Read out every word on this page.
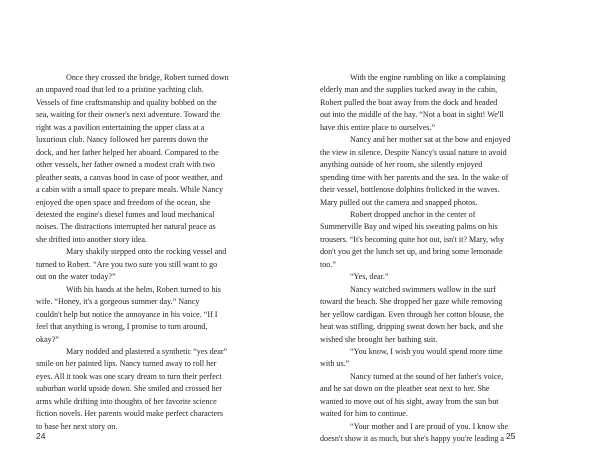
Once they crossed the bridge, Robert turned down
an unpaved road that led to a pristine yachting club.
Vessels of fine craftsmanship and quality bobbed on the
sea, waiting for their owner's next adventure. Toward the
right was a pavilion entertaining the upper class at a
luxurious club. Nancy followed her parents down the
dock, and her father helped her aboard. Compared to the
other vessels, her father owned a modest craft with two
pleather seats, a canvas hood in case of poor weather, and
a cabin with a small space to prepare meals. While Nancy
enjoyed the open space and freedom of the ocean, she
detested the engine's diesel fumes and loud mechanical
noises. The distractions interrupted her natural peace as
she drifted into another story idea.
Mary shakily stepped onto the rocking vessel and
turned to Robert. “Are you two sure you still want to go
out on the water today?”
With his hands at the helm, Robert turned to his
wife. “Honey, it's a gorgeous summer day.” Nancy
couldn't help but notice the annoyance in his voice. “If I
feel that anything is wrong, I promise to turn around,
okay?”
Mary nodded and plastered a synthetic “yes dear”
smile on her painted lips. Nancy turned away to roll her
eyes. All it took was one scary dream to turn their perfect
suburban world upside down. She smiled and crossed her
arms while drifting into thoughts of her favorite science
fiction novels. Her parents would make perfect characters
to base her next story on.
24
With the engine rumbling on like a complaining
elderly man and the supplies tucked away in the cabin,
Robert pulled the boat away from the dock and headed
out into the middle of the bay. “Not a boat in sight! We'll
have this entire place to ourselves.”
Nancy and her mother sat at the bow and enjoyed
the view in silence. Despite Nancy's usual nature to avoid
anything outside of her room, she silently enjoyed
spending time with her parents and the sea. In the wake of
their vessel, bottlenose dolphins frolicked in the waves.
Mary pulled out the camera and snapped photos.
Robert dropped anchor in the center of
Summerville Bay and wiped his sweating palms on his
trousers. “It's becoming quite hot out, isn't it? Mary, why
don't you get the lunch set up, and bring some lemonade
too.”
“Yes, dear.”
Nancy watched swimmers wallow in the surf
toward the beach. She dropped her gaze while removing
her yellow cardigan. Even through her cotton blouse, the
heat was stifling, dripping sweat down her back, and she
wished she brought her bathing suit.
“You know, I wish you would spend more time
with us.”
Nancy turned at the sound of her father's voice,
and he sat down on the pleather seat next to her. She
wanted to move out of his sight, away from the sun but
waited for him to continue.
“Your mother and I are proud of you. I know she
doesn't show it as much, but she's happy you're leading a 25
